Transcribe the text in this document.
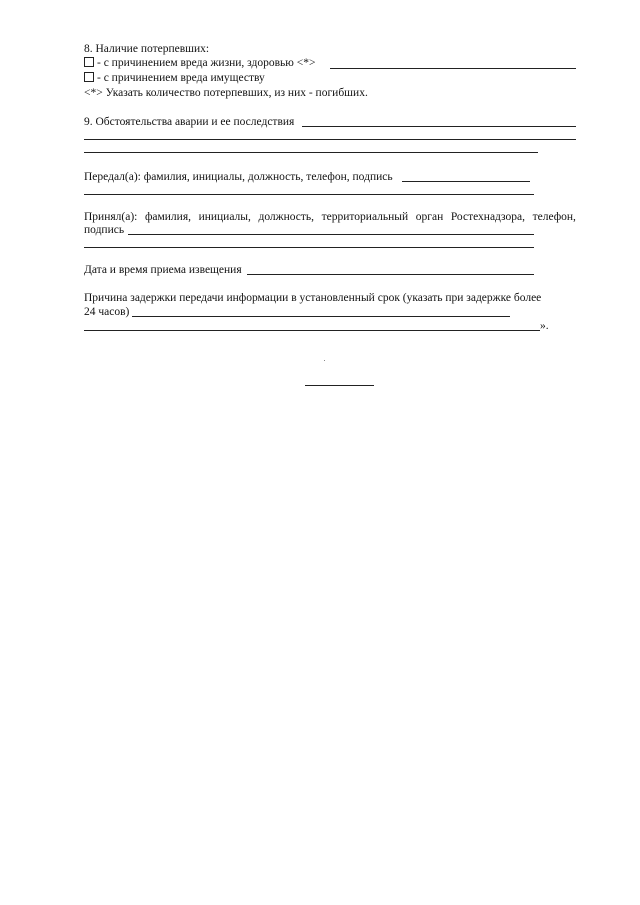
8. Наличие потерпевших:
- с причинением вреда жизни, здоровью <*>
- с причинением вреда имуществу
<*> Указать количество потерпевших, из них - погибших.
9. Обстоятельства аварии и ее последствия
Передал(а): фамилия, инициалы, должность, телефон, подпись
Принял(а): фамилия, инициалы, должность, территориальный орган Ростехнадзора, телефон,
подпись
Дата и время приема извещения
Причина задержки передачи информации в установленный срок (указать при задержке более
24 часов)
».
